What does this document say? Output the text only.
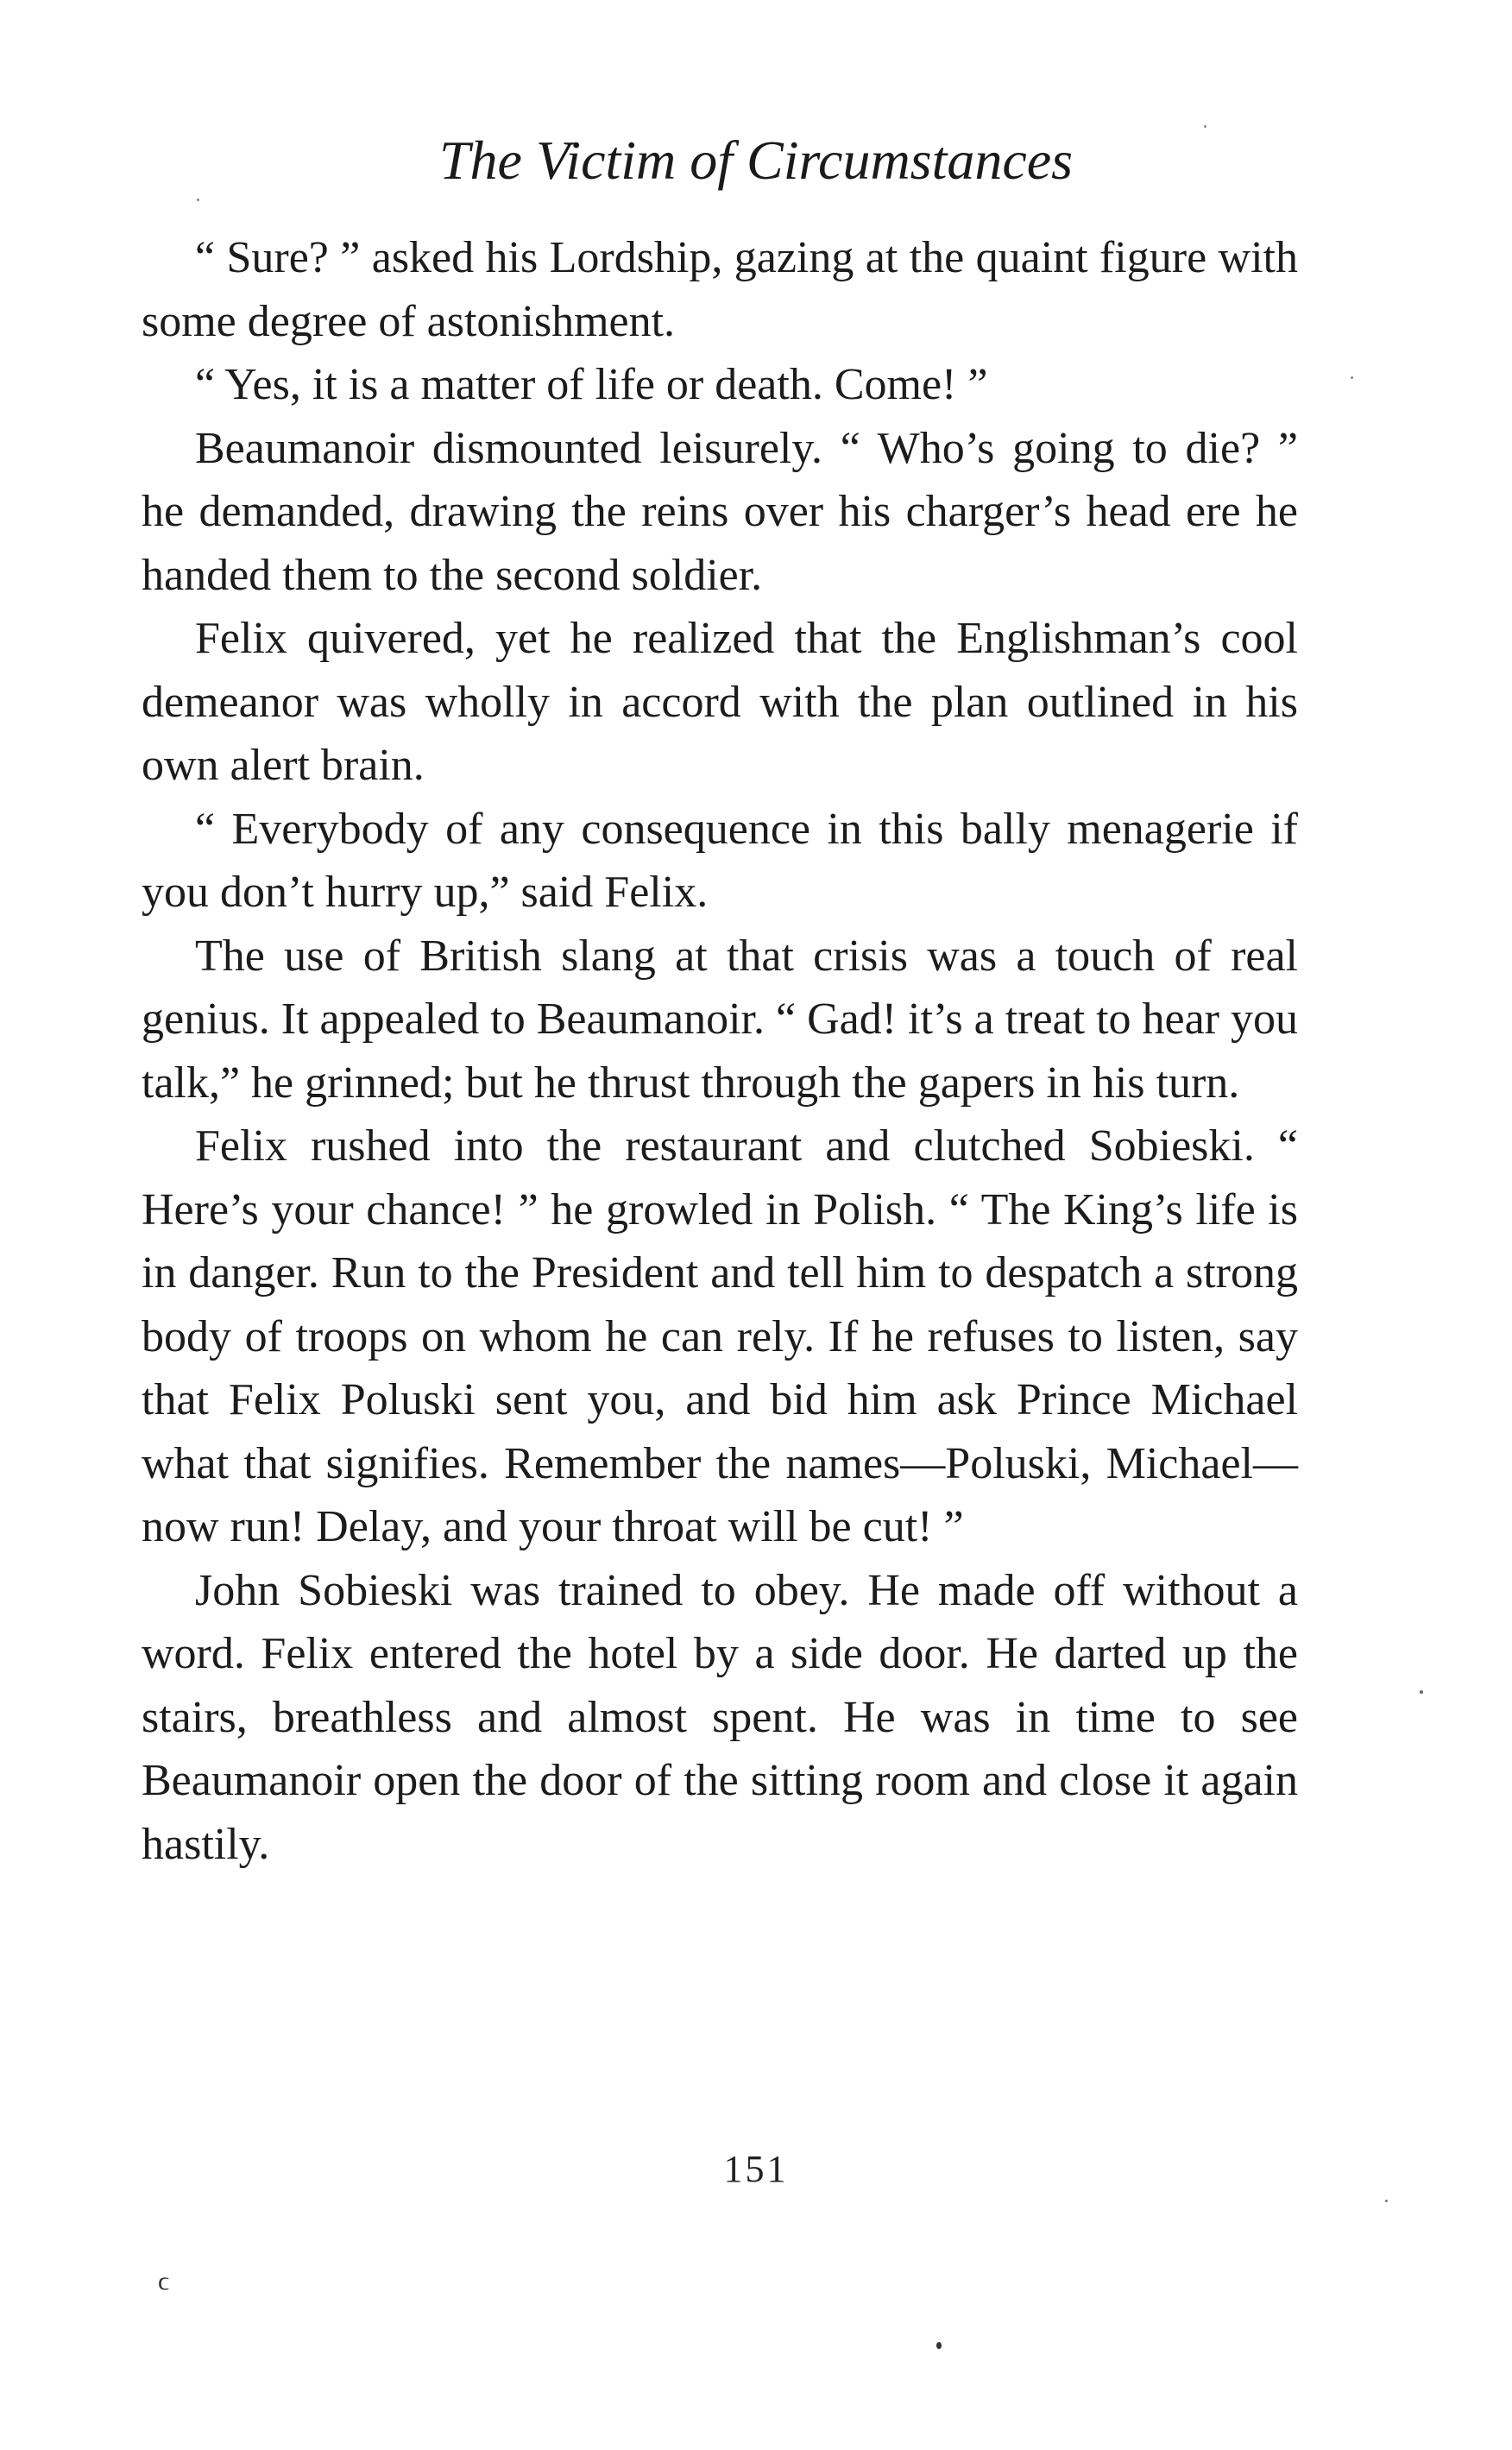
The Victim of Circumstances

“ Sure? ” asked his Lordship, gazing at the quaint figure with some degree of astonishment.

“ Yes, it is a matter of life or death. Come! ”

Beaumanoir dismounted leisurely. “ Who’s going to die? ” he demanded, drawing the reins over his charger’s head ere he handed them to the second soldier.

Felix quivered, yet he realized that the Englishman’s cool demeanor was wholly in accord with the plan outlined in his own alert brain.

“ Everybody of any consequence in this bally menagerie if you don’t hurry up,” said Felix.

The use of British slang at that crisis was a touch of real genius. It appealed to Beaumanoir. “ Gad! it’s a treat to hear you talk,” he grinned; but he thrust through the gapers in his turn.

Felix rushed into the restaurant and clutched Sobieski. “ Here’s your chance! ” he growled in Polish. “ The King’s life is in danger. Run to the President and tell him to despatch a strong body of troops on whom he can rely. If he refuses to listen, say that Felix Poluski sent you, and bid him ask Prince Michael what that signifies. Remember the names—Poluski, Michael—now run! Delay, and your throat will be cut! ”

John Sobieski was trained to obey. He made off without a word. Felix entered the hotel by a side door. He darted up the stairs, breathless and almost spent. He was in time to see Beaumanoir open the door of the sitting room and close it again hastily.

151
ϲ
